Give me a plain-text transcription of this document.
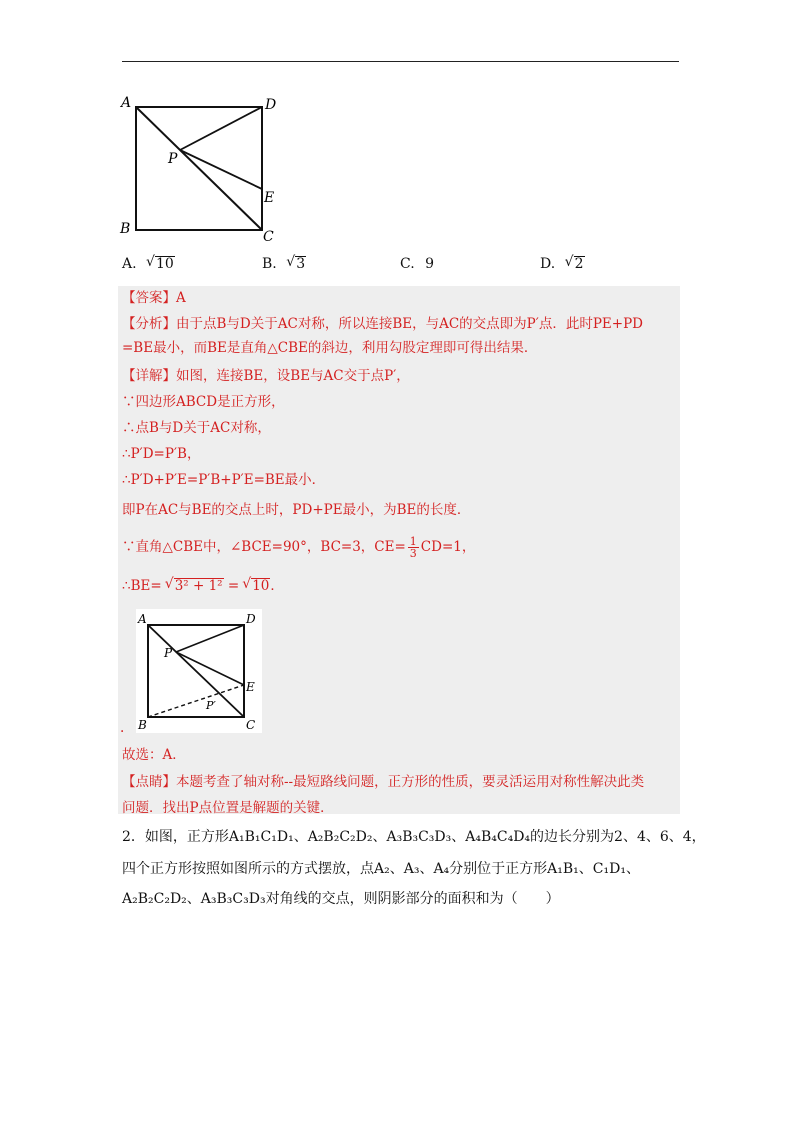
A	D
P
E
B	C
A. √ 10	B. √ 3	C. 9	D. √ 2
【答案】A
【分析】由于点B与D关于AC对称，所以连接BE，与AC的交点即为P′点．此时PE+PD
=BE最小，而BE是直角△CBE的斜边，利用勾股定理即可得出结果．
【详解】如图，连接BE，设BE与AC交于点P′，
∵四边形ABCD是正方形，
∴点B与D关于AC对称，
∴P′D=P′B，
∴P′D+P′E=P′B+P′E=BE最小．
即P在AC与BE的交点上时，PD+PE最小，为BE的长度．
∵直角△CBE中，∠BCE=90°，BC=3，$CE= \frac{1}{3} CD=1$，
∴BE= √ 3² + 1² = √ 10．
A	D
P
E
P′
B	C
.
故选：A．
【点睛】本题考查了轴对称--最短路线问题，正方形的性质，要灵活运用对称性解决此类
问题．找出P点位置是解题的关键．
2．如图，正方形A₁B₁C₁D₁、A₂B₂C₂D₂、A₃B₃C₃D₃、A₄B₄C₄D₄的边长分别为2、4、6、4，
四个正方形按照如图所示的方式摆放，点A₂、A₃、A₄分别位于正方形A₁B₁、C₁D₁、
A₂B₂C₂D₂、A₃B₃C₃D₃对角线的交点，则阴影部分的面积和为（　　）
